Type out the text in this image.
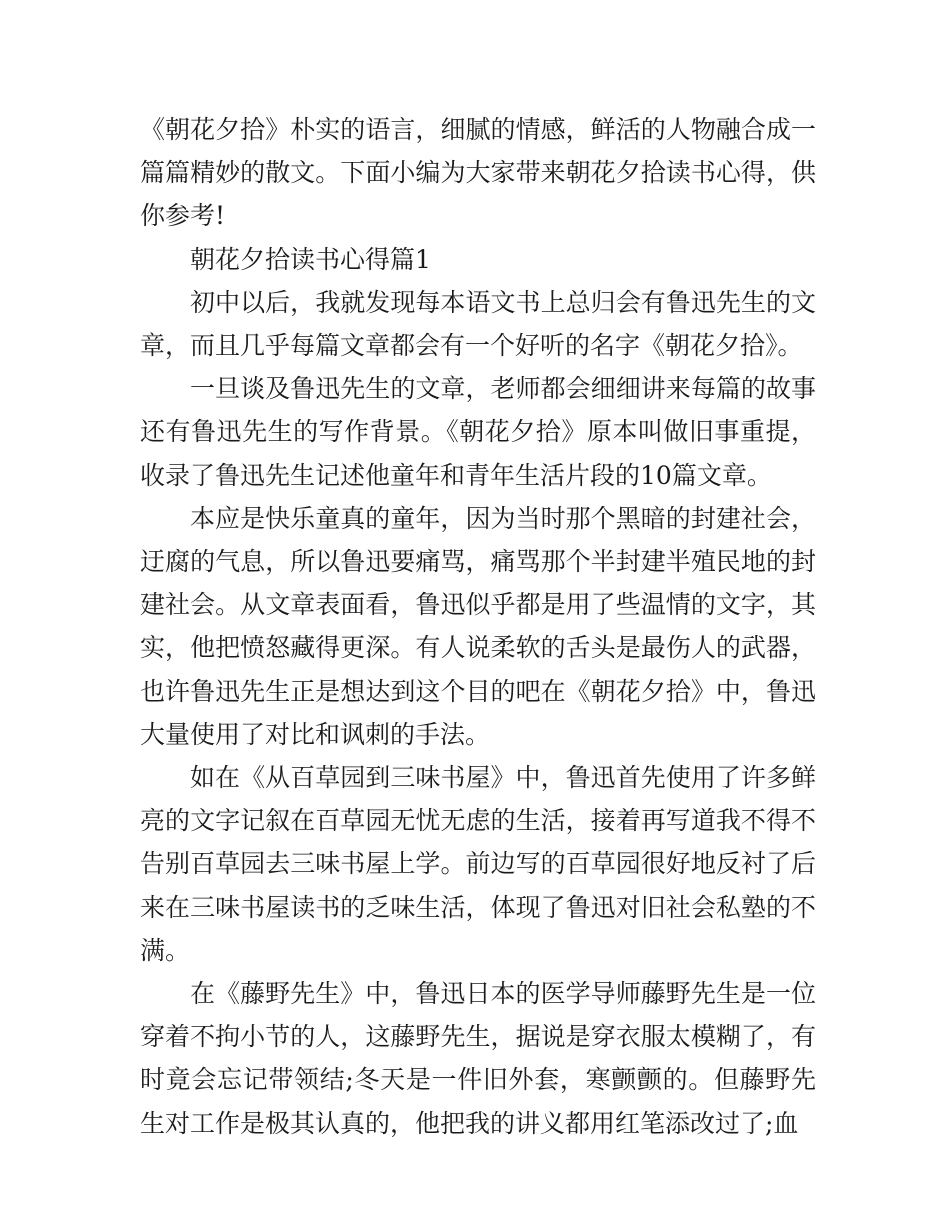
《朝花夕拾》朴实的语言，细腻的情感，鲜活的人物融合成一篇篇精妙的散文。下面小编为大家带来朝花夕拾读书心得，供你参考!

朝花夕拾读书心得篇1

初中以后，我就发现每本语文书上总归会有鲁迅先生的文章，而且几乎每篇文章都会有一个好听的名字《朝花夕拾》。

一旦谈及鲁迅先生的文章，老师都会细细讲来每篇的故事还有鲁迅先生的写作背景。《朝花夕拾》原本叫做旧事重提，收录了鲁迅先生记述他童年和青年生活片段的10篇文章。

本应是快乐童真的童年，因为当时那个黑暗的封建社会，迂腐的气息，所以鲁迅要痛骂，痛骂那个半封建半殖民地的封建社会。从文章表面看，鲁迅似乎都是用了些温情的文字，其实，他把愤怒藏得更深。有人说柔软的舌头是最伤人的武器，也许鲁迅先生正是想达到这个目的吧在《朝花夕拾》中，鲁迅大量使用了对比和讽刺的手法。

如在《从百草园到三味书屋》中，鲁迅首先使用了许多鲜亮的文字记叙在百草园无忧无虑的生活，接着再写道我不得不告别百草园去三味书屋上学。前边写的百草园很好地反衬了后来在三味书屋读书的乏味生活，体现了鲁迅对旧社会私塾的不满。

在《藤野先生》中，鲁迅日本的医学导师藤野先生是一位穿着不拘小节的人，这藤野先生，据说是穿衣服太模糊了，有时竟会忘记带领结;冬天是一件旧外套，寒颤颤的。但藤野先生对工作是极其认真的，他把我的讲义都用红笔添改过了;血
